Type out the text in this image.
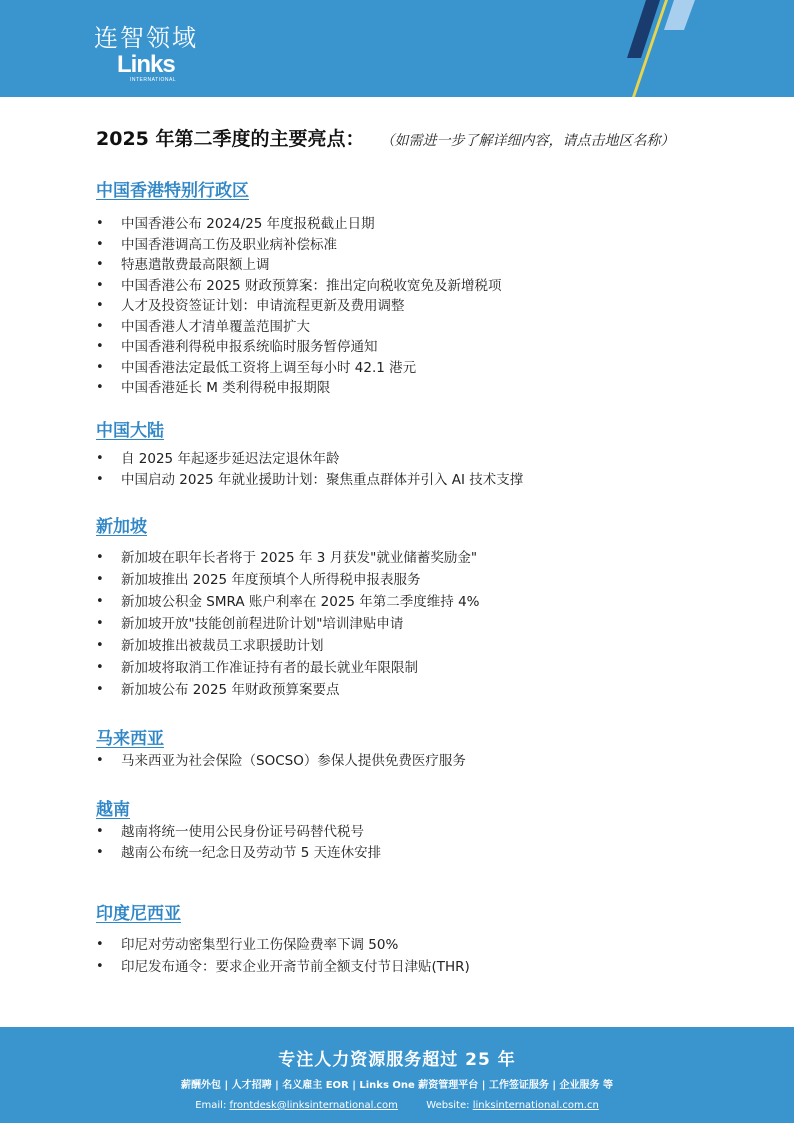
连智领域
Links
INTERNATIONAL
2025 年第二季度的主要亮点： （如需进一步了解详细内容，请点击地区名称）
中国香港特别行政区
• 中国香港公布 2024/25 年度报税截止日期
• 中国香港调高工伤及职业病补偿标准
• 特惠遣散费最高限额上调
• 中国香港公布 2025 财政预算案：推出定向税收宽免及新增税项
• 人才及投资签证计划：申请流程更新及费用调整
• 中国香港人才清单覆盖范围扩大
• 中国香港利得税申报系统临时服务暂停通知
• 中国香港法定最低工资将上调至每小时 42.1 港元
• 中国香港延长 M 类利得税申报期限
中国大陆
• 自 2025 年起逐步延迟法定退休年龄
• 中国启动 2025 年就业援助计划：聚焦重点群体并引入 AI 技术支撑
新加坡
• 新加坡在职年长者将于 2025 年 3 月获发"就业储蓄奖励金"
• 新加坡推出 2025 年度预填个人所得税申报表服务
• 新加坡公积金 SMRA 账户利率在 2025 年第二季度维持 4%
• 新加坡开放"技能创前程进阶计划"培训津贴申请
• 新加坡推出被裁员工求职援助计划
• 新加坡将取消工作准证持有者的最长就业年限限制
• 新加坡公布 2025 年财政预算案要点
马来西亚
• 马来西亚为社会保险（SOCSO）参保人提供免费医疗服务
越南
• 越南将统一使用公民身份证号码替代税号
• 越南公布统一纪念日及劳动节 5 天连休安排
印度尼西亚
• 印尼对劳动密集型行业工伤保险费率下调 50%
• 印尼发布通令：要求企业开斋节前全额支付节日津贴(THR)
专注人力资源服务超过 25 年
薪酬外包 | 人才招聘 | 名义雇主 EOR | Links One 薪资管理平台 | 工作签证服务 | 企业服务 等
Email: frontdesk@linksinternational.com	Website: linksinternational.com.cn
